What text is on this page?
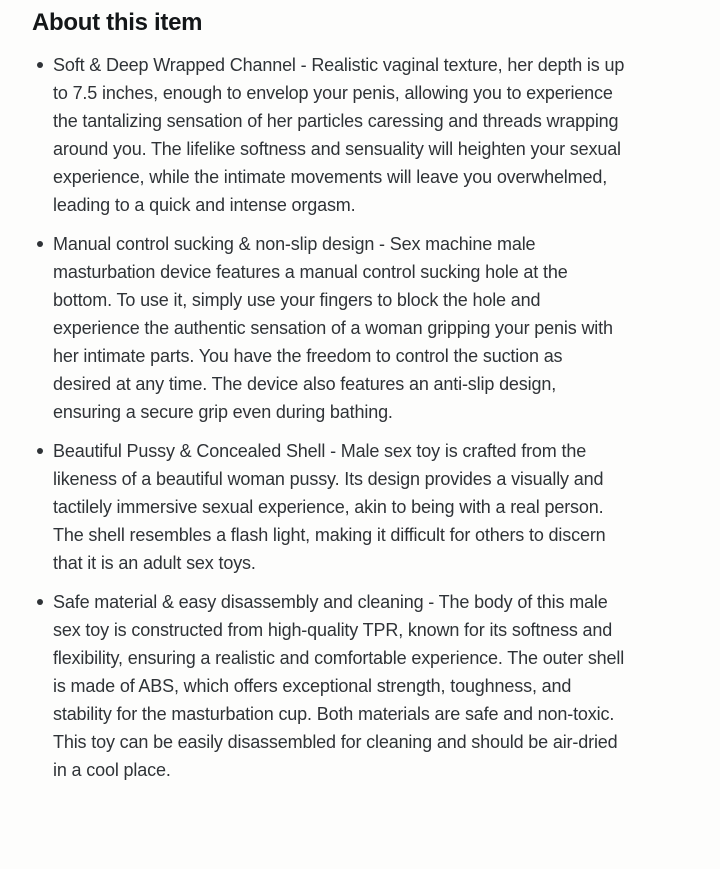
About this item
Soft & Deep Wrapped Channel - Realistic vaginal texture, her depth is up to 7.5 inches, enough to envelop your penis, allowing you to experience the tantalizing sensation of her particles caressing and threads wrapping around you. The lifelike softness and sensuality will heighten your sexual experience, while the intimate movements will leave you overwhelmed, leading to a quick and intense orgasm.
Manual control sucking & non-slip design - Sex machine male masturbation device features a manual control sucking hole at the bottom. To use it, simply use your fingers to block the hole and experience the authentic sensation of a woman gripping your penis with her intimate parts. You have the freedom to control the suction as desired at any time. The device also features an anti-slip design, ensuring a secure grip even during bathing.
Beautiful Pussy & Concealed Shell - Male sex toy is crafted from the likeness of a beautiful woman pussy. Its design provides a visually and tactilely immersive sexual experience, akin to being with a real person. The shell resembles a flash light, making it difficult for others to discern that it is an adult sex toys.
Safe material & easy disassembly and cleaning - The body of this male sex toy is constructed from high-quality TPR, known for its softness and flexibility, ensuring a realistic and comfortable experience. The outer shell is made of ABS, which offers exceptional strength, toughness, and stability for the masturbation cup. Both materials are safe and non-toxic. This toy can be easily disassembled for cleaning and should be air-dried in a cool place.
